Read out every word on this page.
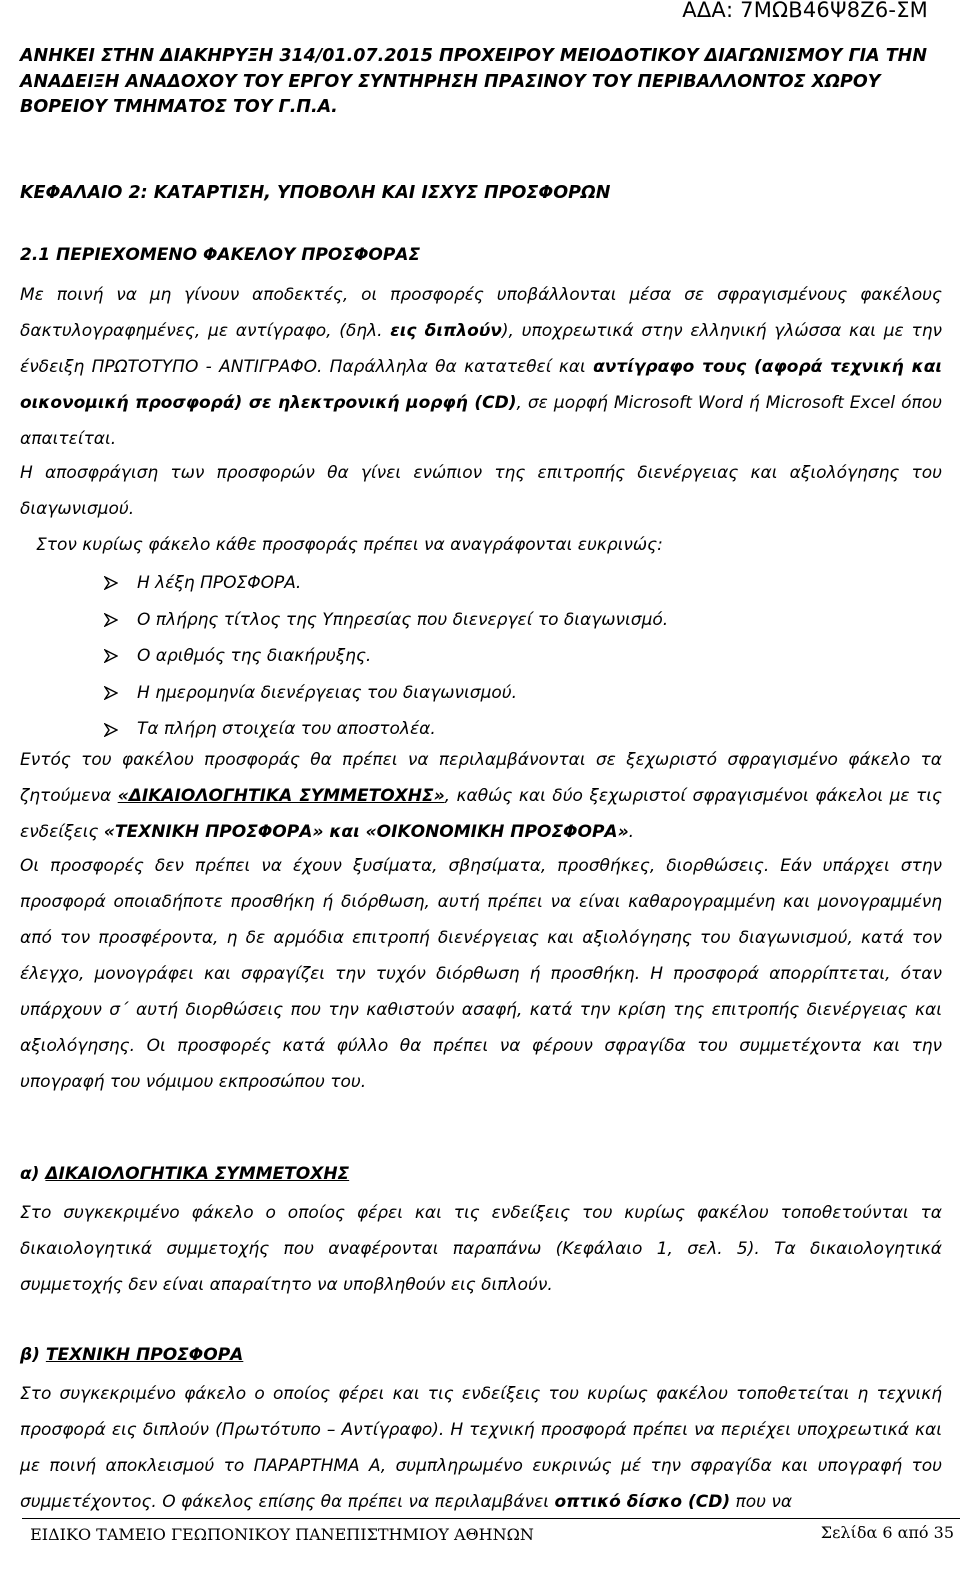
ΑΔΑ: 7ΜΩΒ46Ψ8Ζ6-ΣΜ
ΑΝΗΚΕΙ ΣΤΗΝ ΔΙΑΚΗΡΥΞΗ 314/01.07.2015 ΠΡΟΧΕΙΡΟΥ ΜΕΙΟΔΟΤΙΚΟΥ ΔΙΑΓΩΝΙΣΜΟΥ ΓΙΑ ΤΗΝ ΑΝΑΔΕΙΞΗ ΑΝΑΔΟΧΟΥ ΤΟΥ ΕΡΓΟΥ ΣΥΝΤΗΡΗΣΗ ΠΡΑΣΙΝΟΥ ΤΟΥ ΠΕΡΙΒΑΛΛΟΝΤΟΣ ΧΩΡΟΥ ΒΟΡΕΙΟΥ ΤΜΗΜΑΤΟΣ ΤΟΥ Γ.Π.Α.
ΚΕΦΑΛΑΙΟ 2: ΚΑΤΑΡΤΙΣΗ, ΥΠΟΒΟΛΗ ΚΑΙ ΙΣΧΥΣ ΠΡΟΣΦΟΡΩΝ
2.1 ΠΕΡΙΕΧΟΜΕΝΟ ΦΑΚΕΛΟΥ ΠΡΟΣΦΟΡΑΣ
Με ποινή να μη γίνουν αποδεκτές, οι προσφορές υποβάλλονται μέσα σε σφραγισμένους φακέλους δακτυλογραφημένες, με αντίγραφο, (δηλ. εις διπλούν), υποχρεωτικά στην ελληνική γλώσσα και με την ένδειξη ΠΡΩΤΟΤΥΠΟ - ΑΝΤΙΓΡΑΦΟ. Παράλληλα θα κατατεθεί και αντίγραφο τους (αφορά τεχνική και οικονομική προσφορά) σε ηλεκτρονική μορφή (CD), σε μορφή Microsoft Word ή Microsoft Excel όπου απαιτείται.
Η αποσφράγιση των προσφορών θα γίνει ενώπιον της επιτροπής διενέργειας και αξιολόγησης του διαγωνισμού.
Στον κυρίως φάκελο κάθε προσφοράς πρέπει να αναγράφονται ευκρινώς:
Η λέξη ΠΡΟΣΦΟΡΑ.
Ο πλήρης τίτλος της Υπηρεσίας που διενεργεί το διαγωνισμό.
Ο αριθμός της διακήρυξης.
Η ημερομηνία διενέργειας του διαγωνισμού.
Τα πλήρη στοιχεία του αποστολέα.
Εντός του φακέλου προσφοράς θα πρέπει να περιλαμβάνονται σε ξεχωριστό σφραγισμένο φάκελο τα ζητούμενα «ΔΙΚΑΙΟΛΟΓΗΤΙΚΑ ΣΥΜΜΕΤΟΧΗΣ», καθώς και δύο ξεχωριστοί σφραγισμένοι φάκελοι με τις ενδείξεις «ΤΕΧΝΙΚΗ ΠΡΟΣΦΟΡΑ» και «ΟΙΚΟΝΟΜΙΚΗ ΠΡΟΣΦΟΡΑ».
Οι προσφορές δεν πρέπει να έχουν ξυσίματα, σβησίματα, προσθήκες, διορθώσεις. Εάν υπάρχει στην προσφορά οποιαδήποτε προσθήκη ή διόρθωση, αυτή πρέπει να είναι καθαρογραμμένη και μονογραμμένη από τον προσφέροντα, η δε αρμόδια επιτροπή διενέργειας και αξιολόγησης του διαγωνισμού, κατά τον έλεγχο, μονογράφει και σφραγίζει την τυχόν διόρθωση ή προσθήκη. Η προσφορά απορρίπτεται, όταν υπάρχουν σ΄ αυτή διορθώσεις που την καθιστούν ασαφή, κατά την κρίση της επιτροπής διενέργειας και αξιολόγησης. Οι προσφορές κατά φύλλο θα πρέπει να φέρουν σφραγίδα του συμμετέχοντα και την υπογραφή του νόμιμου εκπροσώπου του.
α) ΔΙΚΑΙΟΛΟΓΗΤΙΚΑ ΣΥΜΜΕΤΟΧΗΣ
Στο συγκεκριμένο φάκελο ο οποίος φέρει και τις ενδείξεις του κυρίως φακέλου τοποθετούνται τα δικαιολογητικά συμμετοχής που αναφέρονται παραπάνω (Κεφάλαιο 1, σελ. 5). Τα δικαιολογητικά συμμετοχής δεν είναι απαραίτητο να υποβληθούν εις διπλούν.
β) ΤΕΧΝΙΚΗ ΠΡΟΣΦΟΡΑ
Στο συγκεκριμένο φάκελο ο οποίος φέρει και τις ενδείξεις του κυρίως φακέλου τοποθετείται η τεχνική προσφορά εις διπλούν (Πρωτότυπο – Αντίγραφο). Η τεχνική προσφορά πρέπει να περιέχει υποχρεωτικά και με ποινή αποκλεισμού το ΠΑΡΑΡΤΗΜΑ Α, συμπληρωμένο ευκρινώς μέ την σφραγίδα και υπογραφή του συμμετέχοντος. Ο φάκελος επίσης θα πρέπει να περιλαμβάνει οπτικό δίσκο (CD) που να
ΕΙΔΙΚΟ ΤΑΜΕΙΟ ΓΕΩΠΟΝΙΚΟΥ ΠΑΝΕΠΙΣΤΗΜΙΟΥ ΑΘΗΝΩΝ	Σελίδα 6 από 35
